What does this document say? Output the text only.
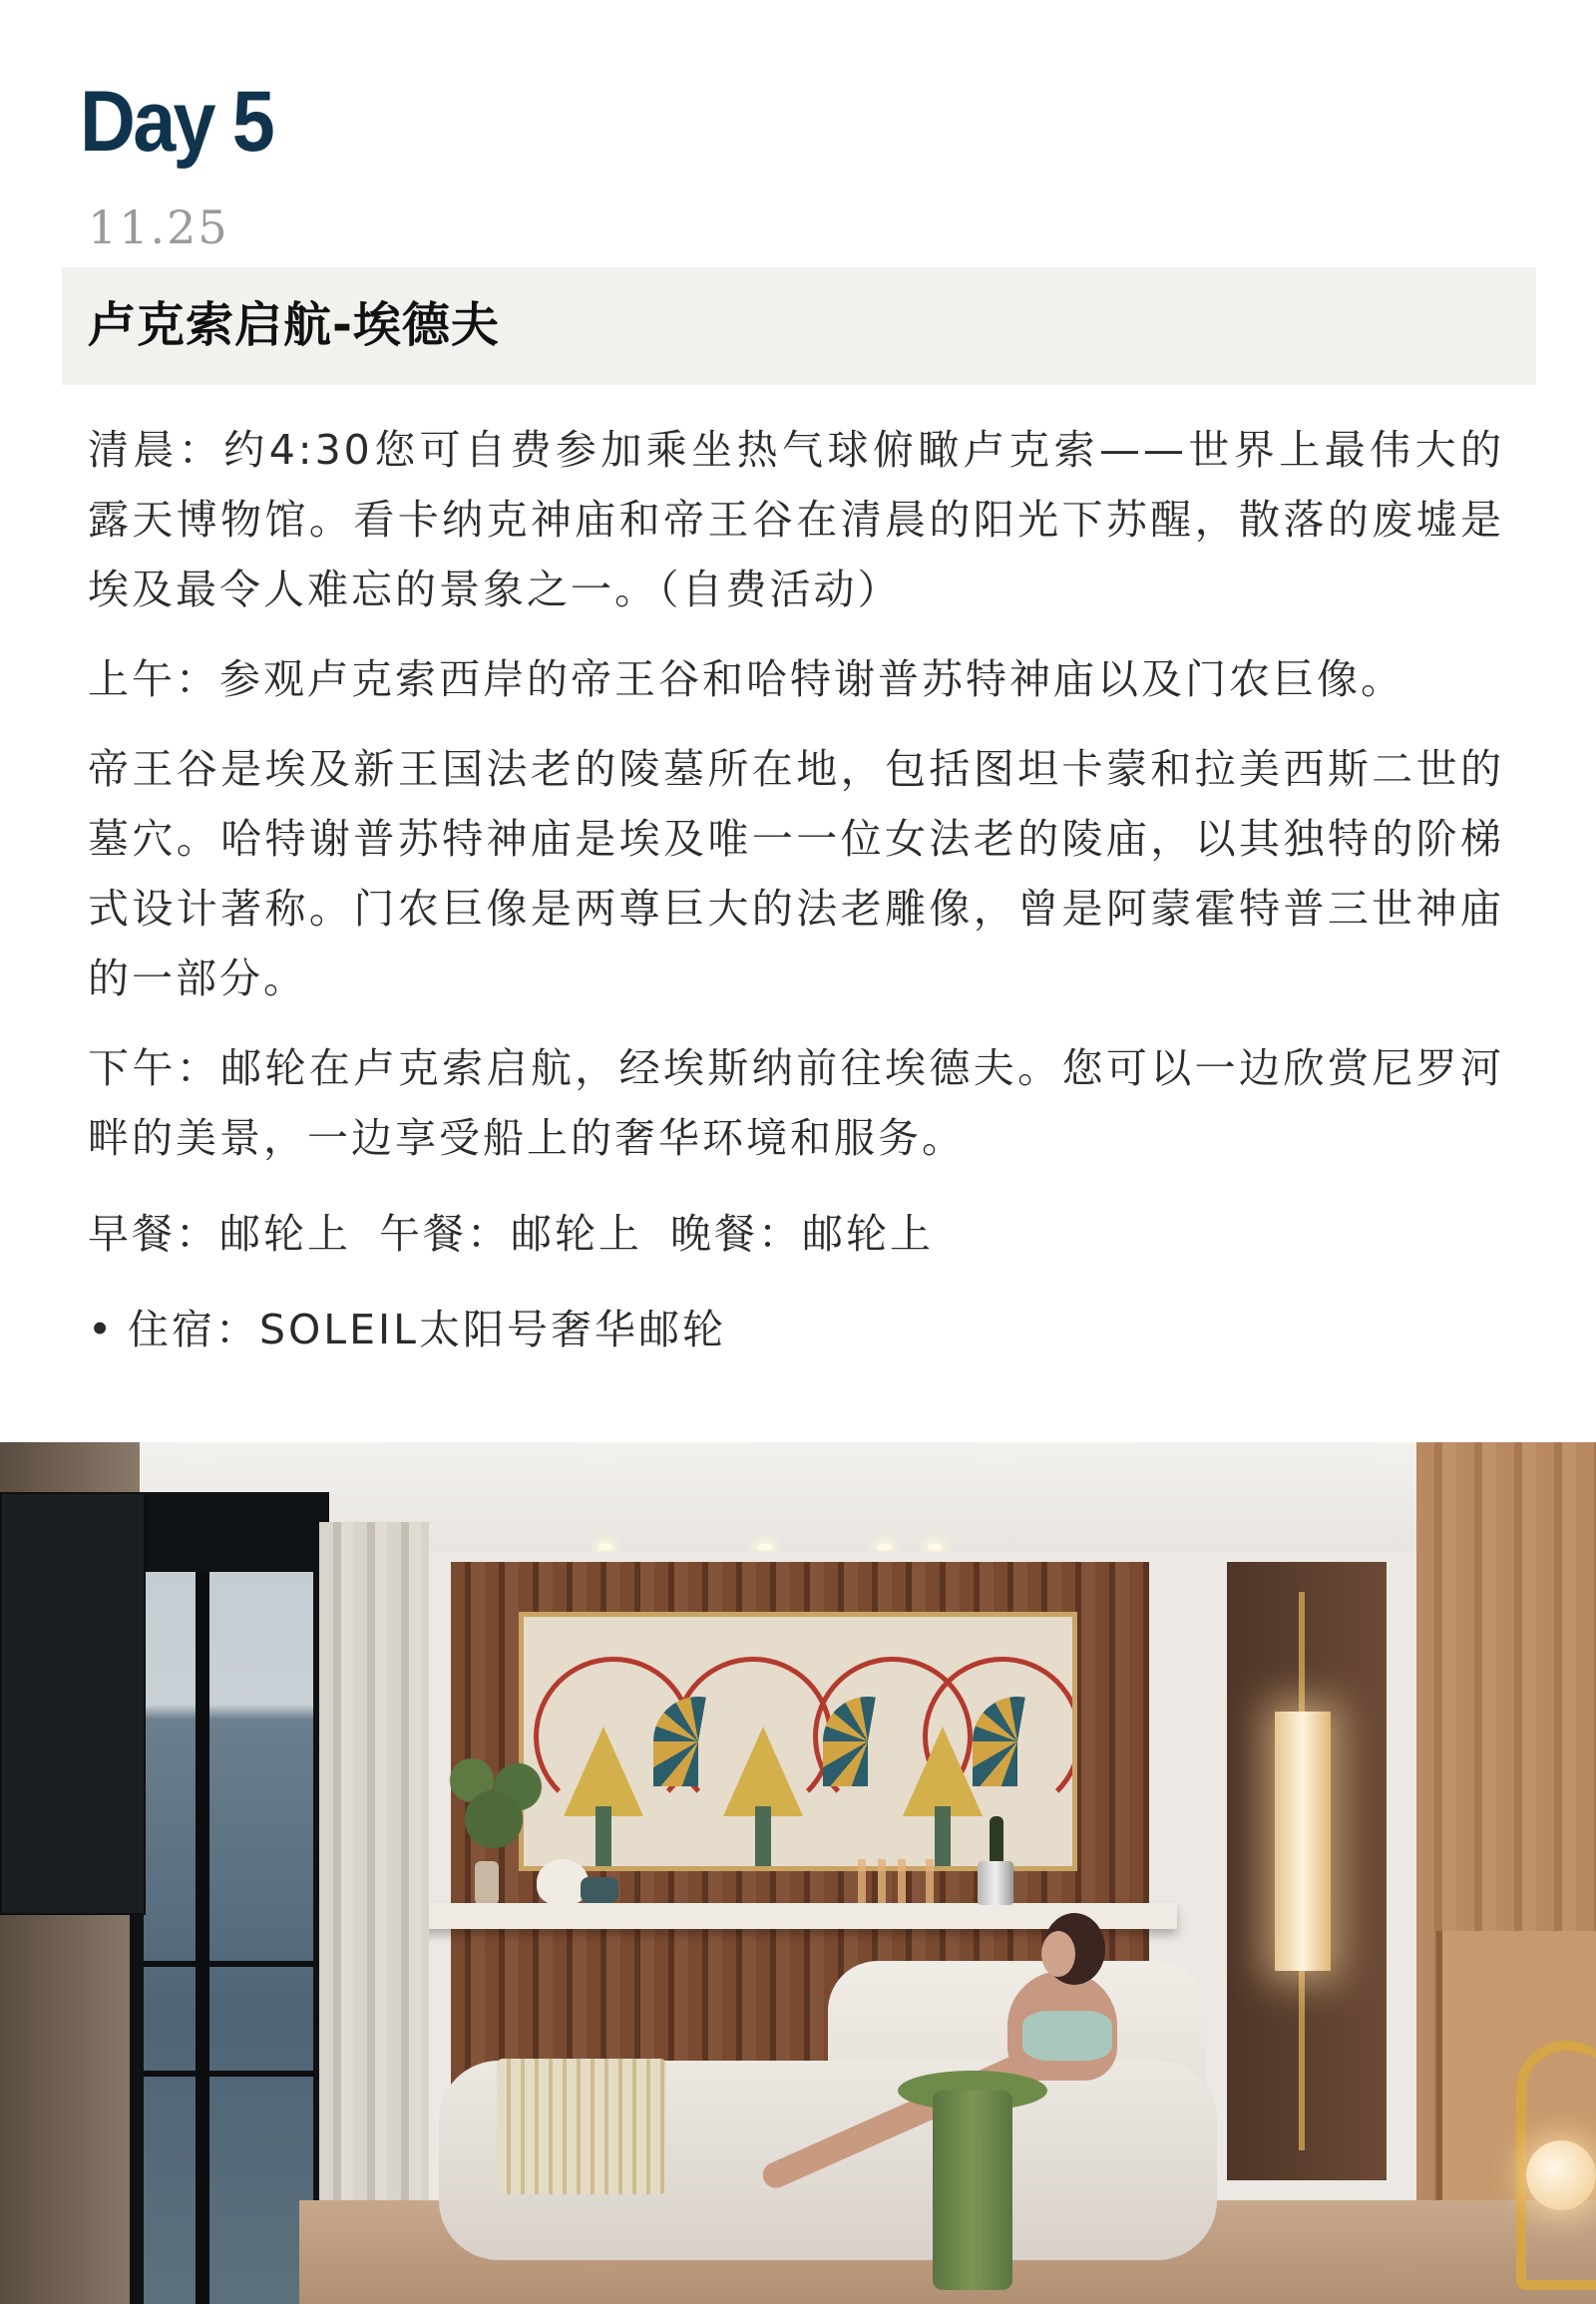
Day 5
11.25
卢克索启航-埃德夫

清晨：约4:30您可自费参加乘坐热气球俯瞰卢克索——世界上最伟大的露天博物馆。看卡纳克神庙和帝王谷在清晨的阳光下苏醒，散落的废墟是埃及最令人难忘的景象之一。（自费活动）

上午：参观卢克索西岸的帝王谷和哈特谢普苏特神庙以及门农巨像。

帝王谷是埃及新王国法老的陵墓所在地，包括图坦卡蒙和拉美西斯二世的墓穴。哈特谢普苏特神庙是埃及唯一一位女法老的陵庙，以其独特的阶梯式设计著称。门农巨像是两尊巨大的法老雕像，曾是阿蒙霍特普三世神庙的一部分。

下午：邮轮在卢克索启航，经埃斯纳前往埃德夫。您可以一边欣赏尼罗河畔的美景，一边享受船上的奢华环境和服务。

早餐：邮轮上 午餐：邮轮上 晚餐：邮轮上
• 住宿：SOLEIL太阳号奢华邮轮
